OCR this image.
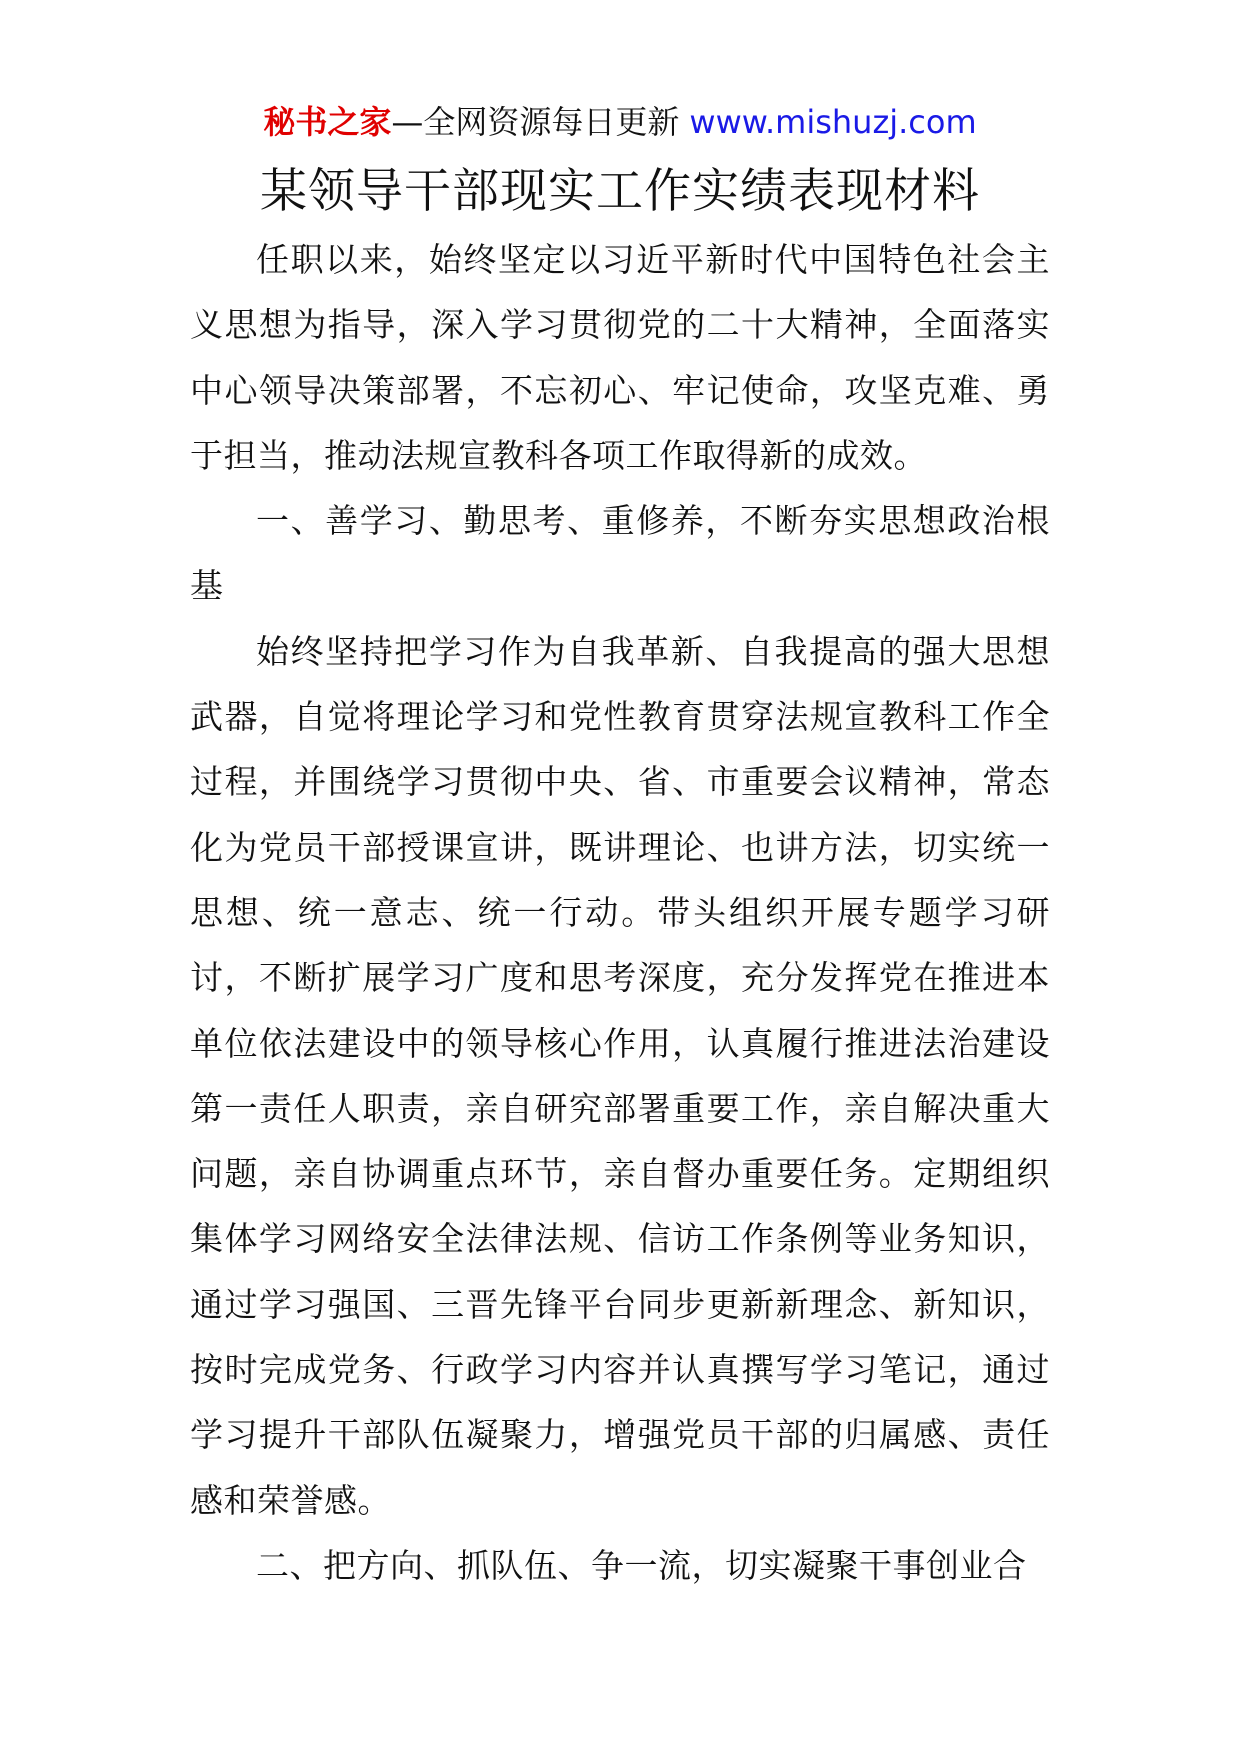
秘书之家—全网资源每日更新 www.mishuzj.com
某领导干部现实工作实绩表现材料

任职以来，始终坚定以习近平新时代中国特色社会主义思想为指导，深入学习贯彻党的二十大精神，全面落实中心领导决策部署，不忘初心、牢记使命，攻坚克难、勇于担当，推动法规宣教科各项工作取得新的成效。

一、善学习、勤思考、重修养，不断夯实思想政治根基

始终坚持把学习作为自我革新、自我提高的强大思想武器，自觉将理论学习和党性教育贯穿法规宣教科工作全过程，并围绕学习贯彻中央、省、市重要会议精神，常态化为党员干部授课宣讲，既讲理论、也讲方法，切实统一思想、统一意志、统一行动。带头组织开展专题学习研讨，不断扩展学习广度和思考深度，充分发挥党在推进本单位依法建设中的领导核心作用，认真履行推进法治建设第一责任人职责，亲自研究部署重要工作，亲自解决重大问题，亲自协调重点环节，亲自督办重要任务。定期组织集体学习网络安全法律法规、信访工作条例等业务知识，通过学习强国、三晋先锋平台同步更新新理念、新知识，按时完成党务、行政学习内容并认真撰写学习笔记，通过学习提升干部队伍凝聚力，增强党员干部的归属感、责任感和荣誉感。

二、把方向、抓队伍、争一流，切实凝聚干事创业合
